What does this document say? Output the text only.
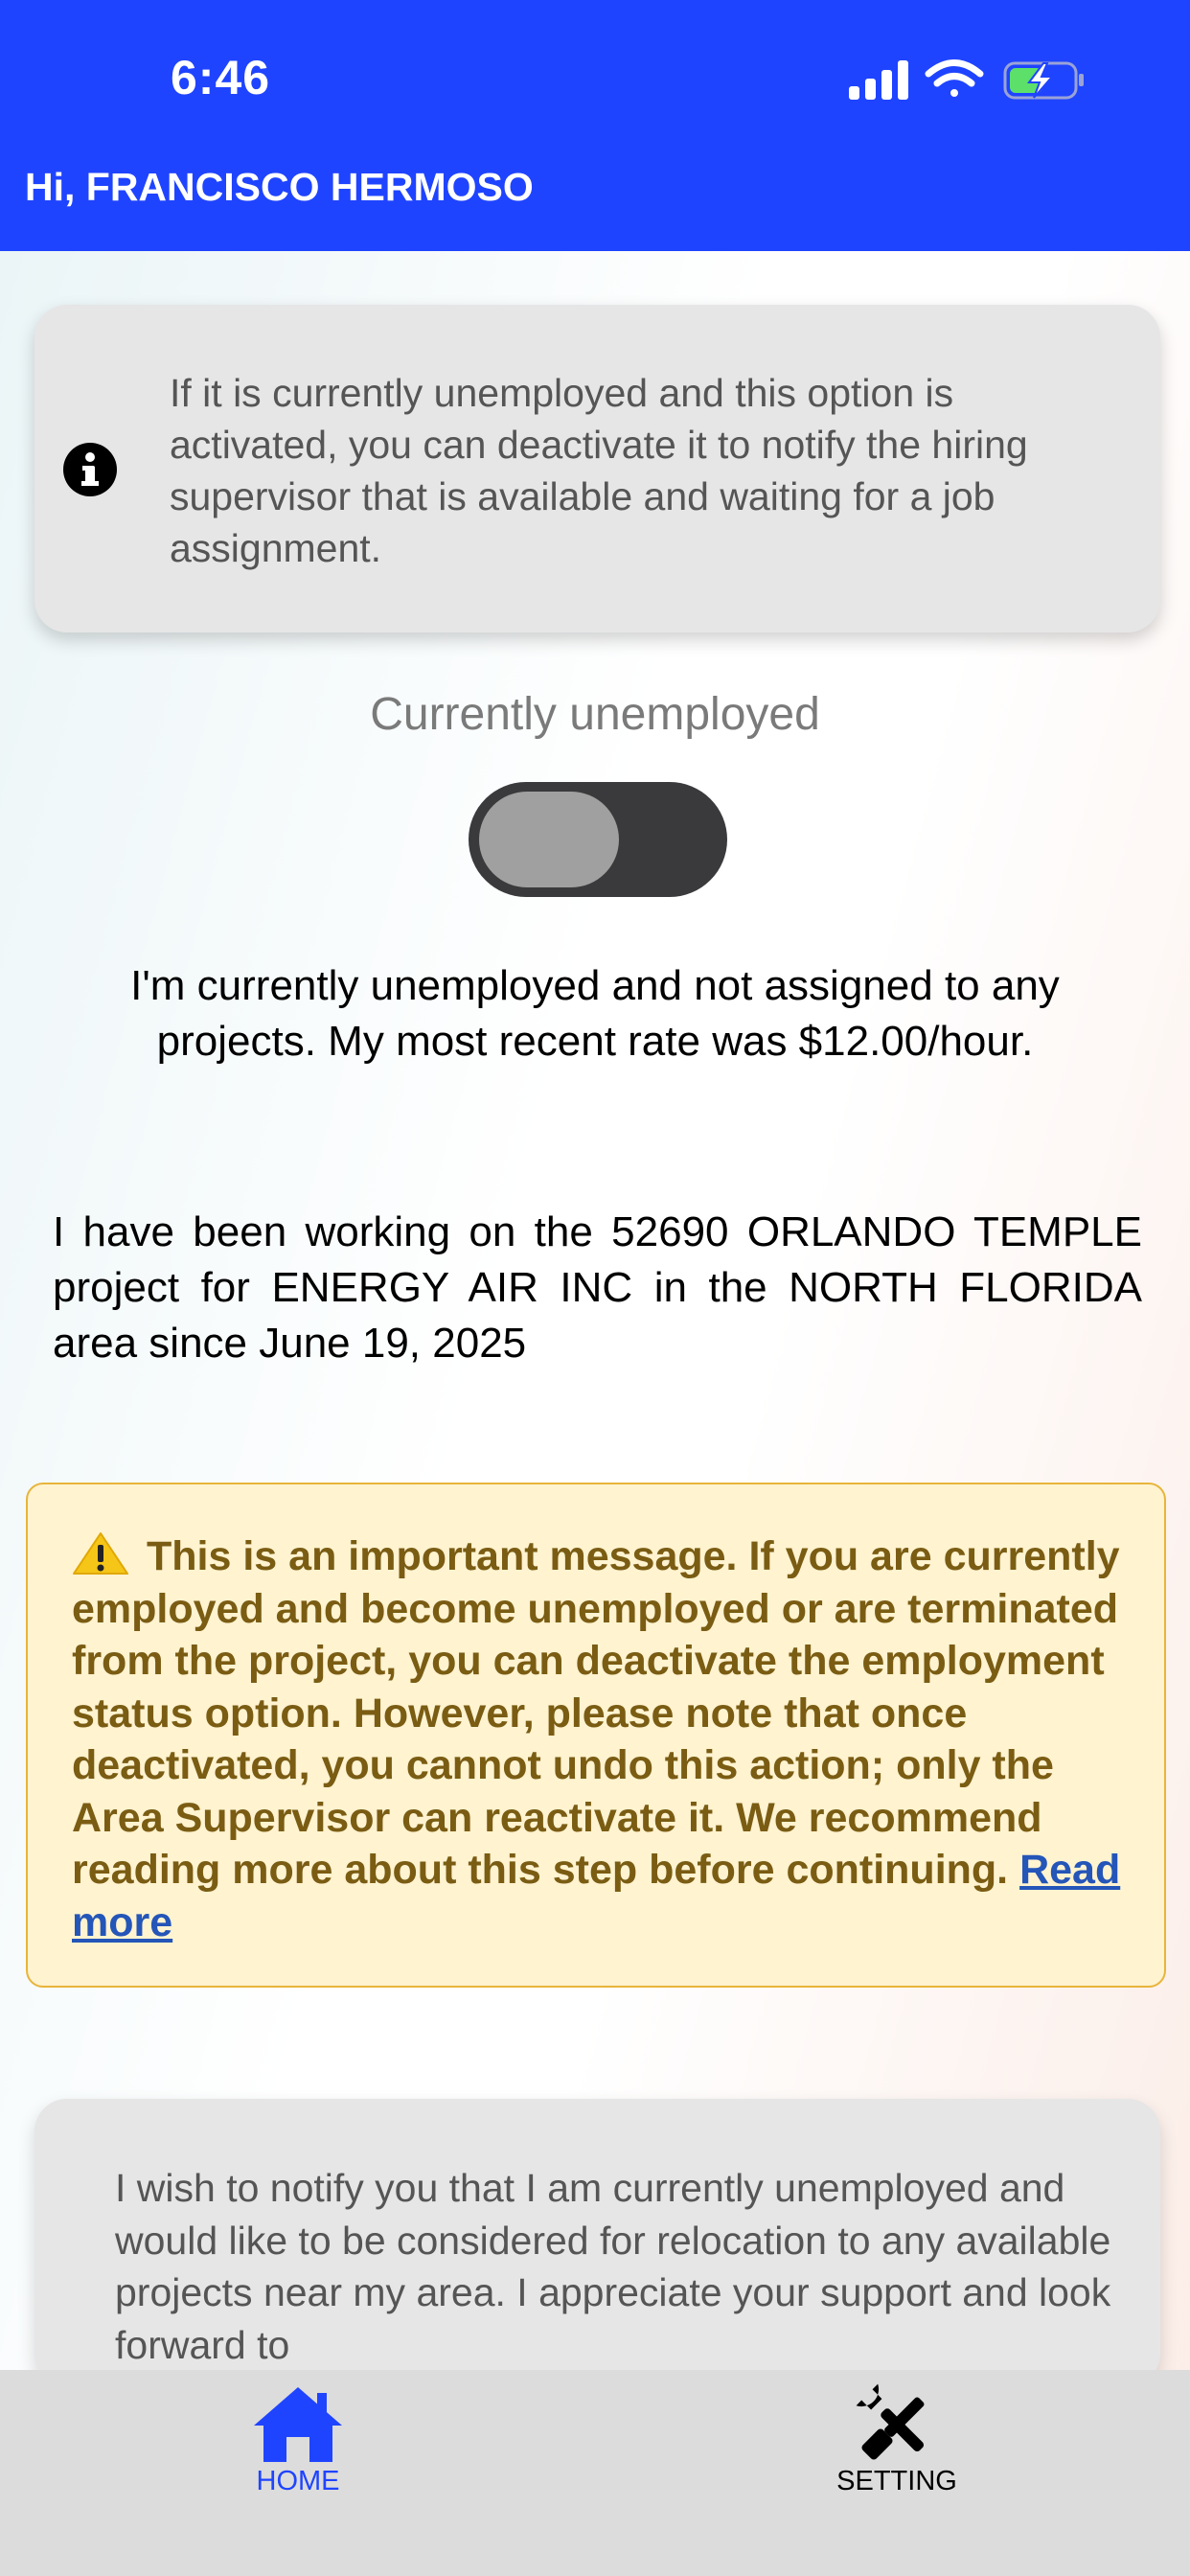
6:46
Hi, FRANCISCO HERMOSO
If it is currently unemployed and this option is activated, you can deactivate it to notify the hiring supervisor that is available and waiting for a job assignment.
Currently unemployed
I'm currently unemployed and not assigned to any projects. My most recent rate was $12.00/hour.
I have been working on the 52690 ORLANDO TEMPLE project for ENERGY AIR INC in the NORTH FLORIDA area since June 19, 2025
This is an important message. If you are currently employed and become unemployed or are terminated from the project, you can deactivate the employment status option. However, please note that once deactivated, you cannot undo this action; only the Area Supervisor can reactivate it. We recommend reading more about this step before continuing. Read more
I wish to notify you that I am currently unemployed and would like to be considered for relocation to any available projects near my area. I appreciate your support and look forward to
HOME	SETTING
